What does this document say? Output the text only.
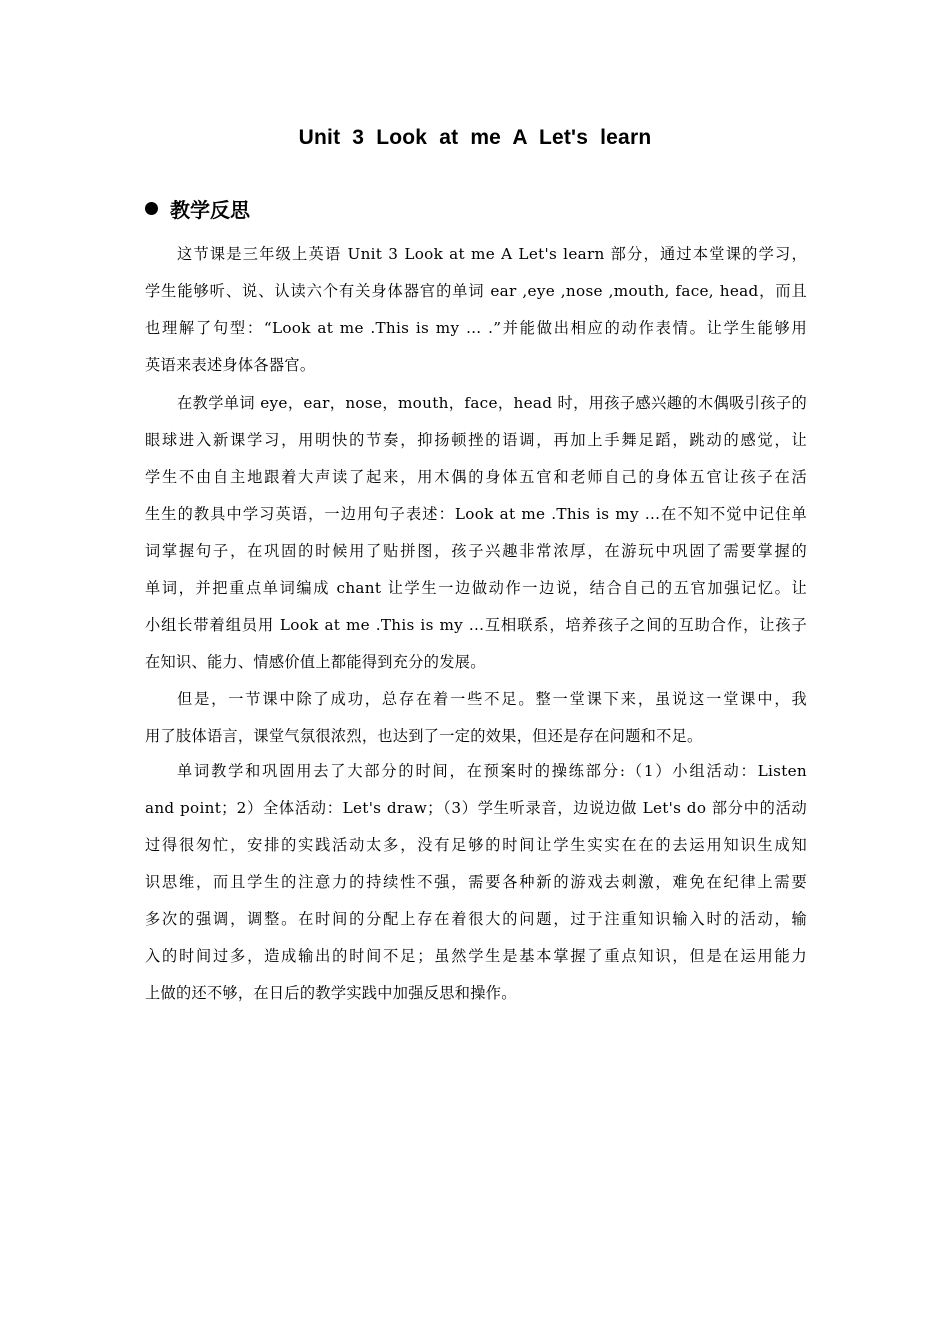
Unit 3 Look at me A Let's learn
教学反思
这节课是三年级上英语 Unit 3 Look at me A Let's learn 部分，通过本堂课的学习，
学生能够听、说、认读六个有关身体器官的单词 ear ,eye ,nose ,mouth, face, head，而且
也理解了句型：“Look at me .This is my … .”并能做出相应的动作表情。让学生能够用
英语来表述身体各器官。
在教学单词 eye，ear，nose，mouth，face，head 时，用孩子感兴趣的木偶吸引孩子的
眼球进入新课学习，用明快的节奏，抑扬顿挫的语调，再加上手舞足蹈，跳动的感觉，让
学生不由自主地跟着大声读了起来，用木偶的身体五官和老师自己的身体五官让孩子在活
生生的教具中学习英语，一边用句子表述：Look at me .This is my ...在不知不觉中记住单
词掌握句子，在巩固的时候用了贴拼图，孩子兴趣非常浓厚，在游玩中巩固了需要掌握的
单词，并把重点单词编成 chant 让学生一边做动作一边说，结合自己的五官加强记忆。让
小组长带着组员用 Look at me .This is my ...互相联系，培养孩子之间的互助合作，让孩子
在知识、能力、情感价值上都能得到充分的发展。
但是，一节课中除了成功，总存在着一些不足。整一堂课下来，虽说这一堂课中，我
用了肢体语言，课堂气氛很浓烈，也达到了一定的效果，但还是存在问题和不足。
单词教学和巩固用去了大部分的时间，在预案时的操练部分:（1）小组活动：Listen
and point；2）全体活动：Let's draw；（3）学生听录音，边说边做 Let's do 部分中的活动
过得很匆忙，安排的实践活动太多，没有足够的时间让学生实实在在的去运用知识生成知
识思维，而且学生的注意力的持续性不强，需要各种新的游戏去刺激，难免在纪律上需要
多次的强调，调整。在时间的分配上存在着很大的问题，过于注重知识输入时的活动，输
入的时间过多，造成输出的时间不足；虽然学生是基本掌握了重点知识，但是在运用能力
上做的还不够，在日后的教学实践中加强反思和操作。
